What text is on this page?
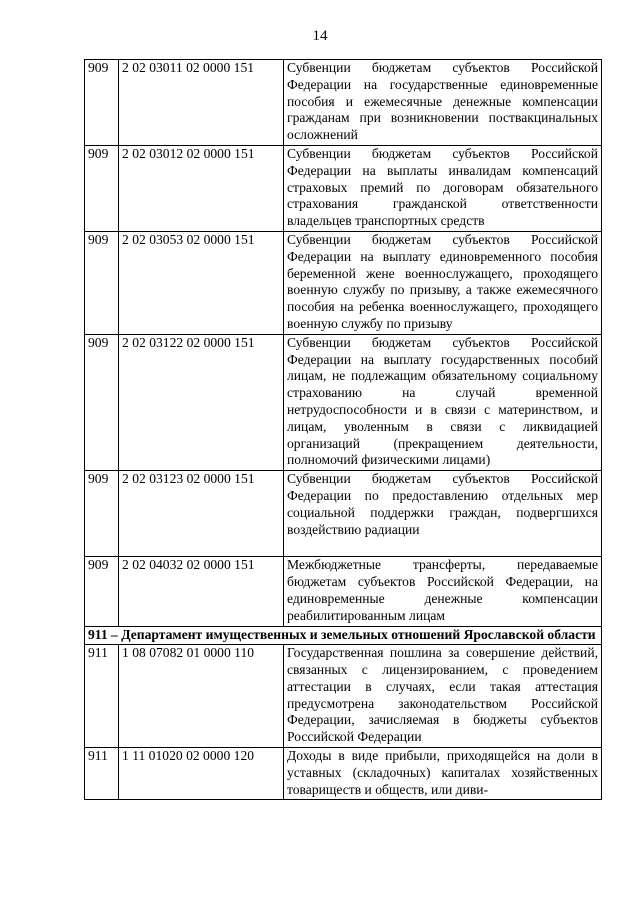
14
909	2 02 03011 02 0000 151	Субвенции бюджетам субъектов Российской Федерации на государственные единовременные пособия и ежемесячные денежные компенсации гражданам при возникновении поствакцинальных осложнений
909	2 02 03012 02 0000 151	Субвенции бюджетам субъектов Российской Федерации на выплаты инвалидам компенсаций страховых премий по договорам обязательного страхования гражданской ответственности владельцев транспортных средств
909	2 02 03053 02 0000 151	Субвенции бюджетам субъектов Российской Федерации на выплату единовременного пособия беременной жене военнослужащего, проходящего военную службу по призыву, а также ежемесячного пособия на ребенка военнослужащего, проходящего военную службу по призыву
909	2 02 03122 02 0000 151	Субвенции бюджетам субъектов Российской Федерации на выплату государственных пособий лицам, не подлежащим обязательному социальному страхованию на случай временной нетрудоспособности и в связи с материнством, и лицам, уволенным в связи с ликвидацией организаций (прекращением деятельности, полномочий физическими лицами)
909	2 02 03123 02 0000 151	Субвенции бюджетам субъектов Российской Федерации по предоставлению отдельных мер социальной поддержки граждан, подвергшихся воздействию радиации
909	2 02 04032 02 0000 151	Межбюджетные трансферты, передаваемые бюджетам субъектов Российской Федерации, на единовременные денежные компенсации реабилитированным лицам
911 – Департамент имущественных и земельных отношений Ярославской области		
911	1 08 07082 01 0000 110	Государственная пошлина за совершение действий, связанных с лицензированием, с проведением аттестации в случаях, если такая аттестация предусмотрена законодательством Российской Федерации, зачисляемая в бюджеты субъектов Российской Федерации
911	1 11 01020 02 0000 120	Доходы в виде прибыли, приходящейся на доли в уставных (складочных) капиталах хозяйственных товариществ и обществ, или диви-
